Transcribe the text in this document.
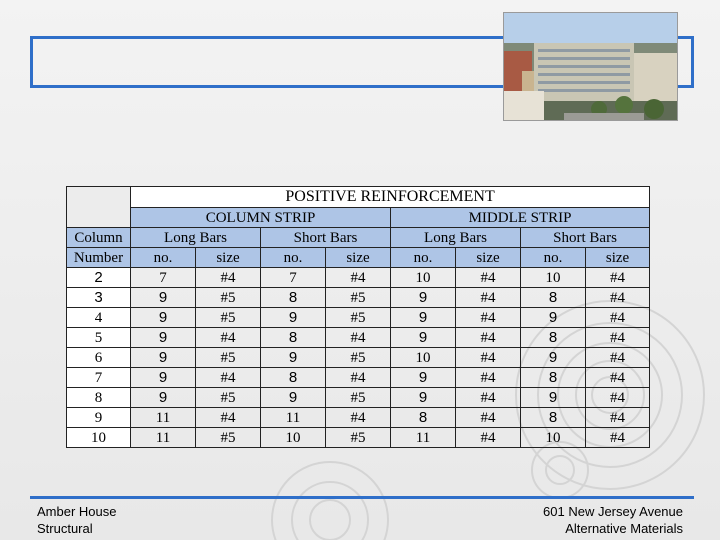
	POSITIVE REINFORCEMENT							
	COLUMN STRIP				MIDDLE STRIP			
Column	Long Bars		Short Bars		Long Bars		Short Bars	
Number	no.	size	no.	size	no.	size	no.	size
2	7	#4	7	#4	10	#4	10	#4
3	9	#5	8	#5	9	#4	8	#4
4	9	#5	9	#5	9	#4	9	#4
5	9	#4	8	#4	9	#4	8	#4
6	9	#5	9	#5	10	#4	9	#4
7	9	#4	8	#4	9	#4	8	#4
8	9	#5	9	#5	9	#4	9	#4
9	11	#4	11	#4	8	#4	8	#4
10	11	#5	10	#5	11	#4	10	#4
Amber House
Structural
601 New Jersey Avenue
Alternative Materials
